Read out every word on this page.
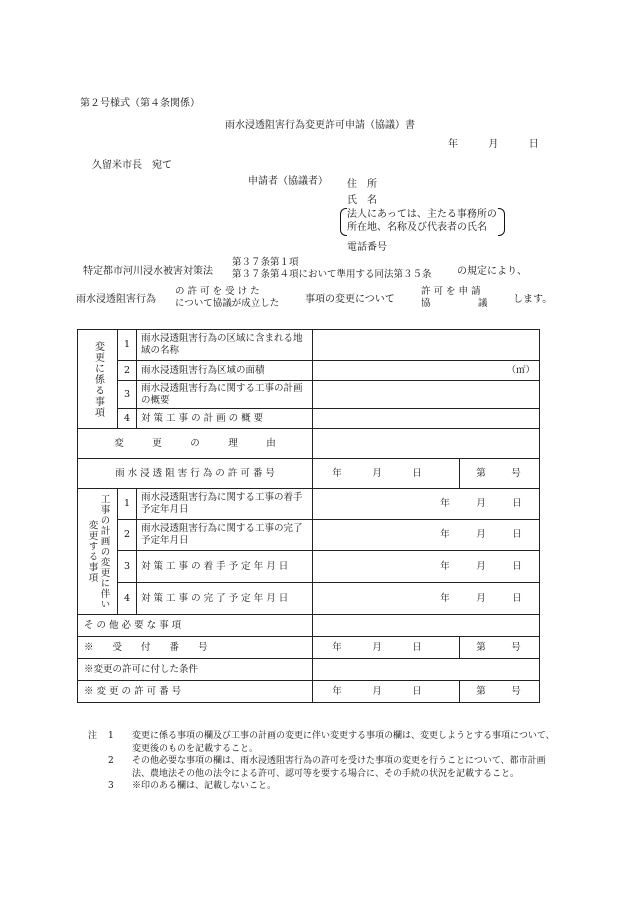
第２号様式（第４条関係）
雨水浸透阻害行為変更許可申請（協議）書
年	月	日
久留米市長　宛て
申請者（協議者） 住　所
氏　名
法人にあっては、主たる事務所の
所在地、名称及び代表者の氏名
電話番号
特定都市河川浸水被害対策法
第３７条第１項
第３７条第４項において準用する同法第３５条	の規定により、
雨水浸透阻害行為
の 許 可 を 受 け た
について協議が成立した	事項の変更について
許 可 を 申 請
協　　　　　議	します。
変更に係る事項	1	雨水浸透阻害行為の区域に含まれる地域の名称		
	2	雨水浸透阻害行為区域の面積	（㎡）	

	3	雨水浸透阻害行為に関する工事の計画の概要		
	4	対 策 工 事 の 計 画 の 概 要		
変　　　更　　　の　　　理　　　由				
雨 水 浸 透 阻 害 行 為 の 許 可 番 号			年 月 日	第 号

工事の計画の変更に伴い変更する事項	1	雨水浸透阻害行為に関する工事の着手予定年月日	年 月 日	

	2	雨水浸透阻害行為に関する工事の完了予定年月日	年 月 日	

	3	対 策 工 事 の 着 手 予 定 年 月 日	年 月 日	

	4	対 策 工 事 の 完 了 予 定 年 月 日	年 月 日	

そ の 他 必 要 な 事 項				
※　　受　　付　　番　　号			年 月 日	第 号

※変更の許可に付した条件				
※ 変 更 の 許 可 番 号			年 月 日	第 号
注 1 変更に係る事項の欄及び工事の計画の変更に伴い変更する事項の欄は、変更しようとする事項について、変更後のものを記載すること。
2 その他必要な事項の欄は、雨水浸透阻害行為の許可を受けた事項の変更を行うことについて、都市計画法、農地法その他の法令による許可、認可等を要する場合に、その手続の状況を記載すること。
3 ※印のある欄は、記載しないこと。
